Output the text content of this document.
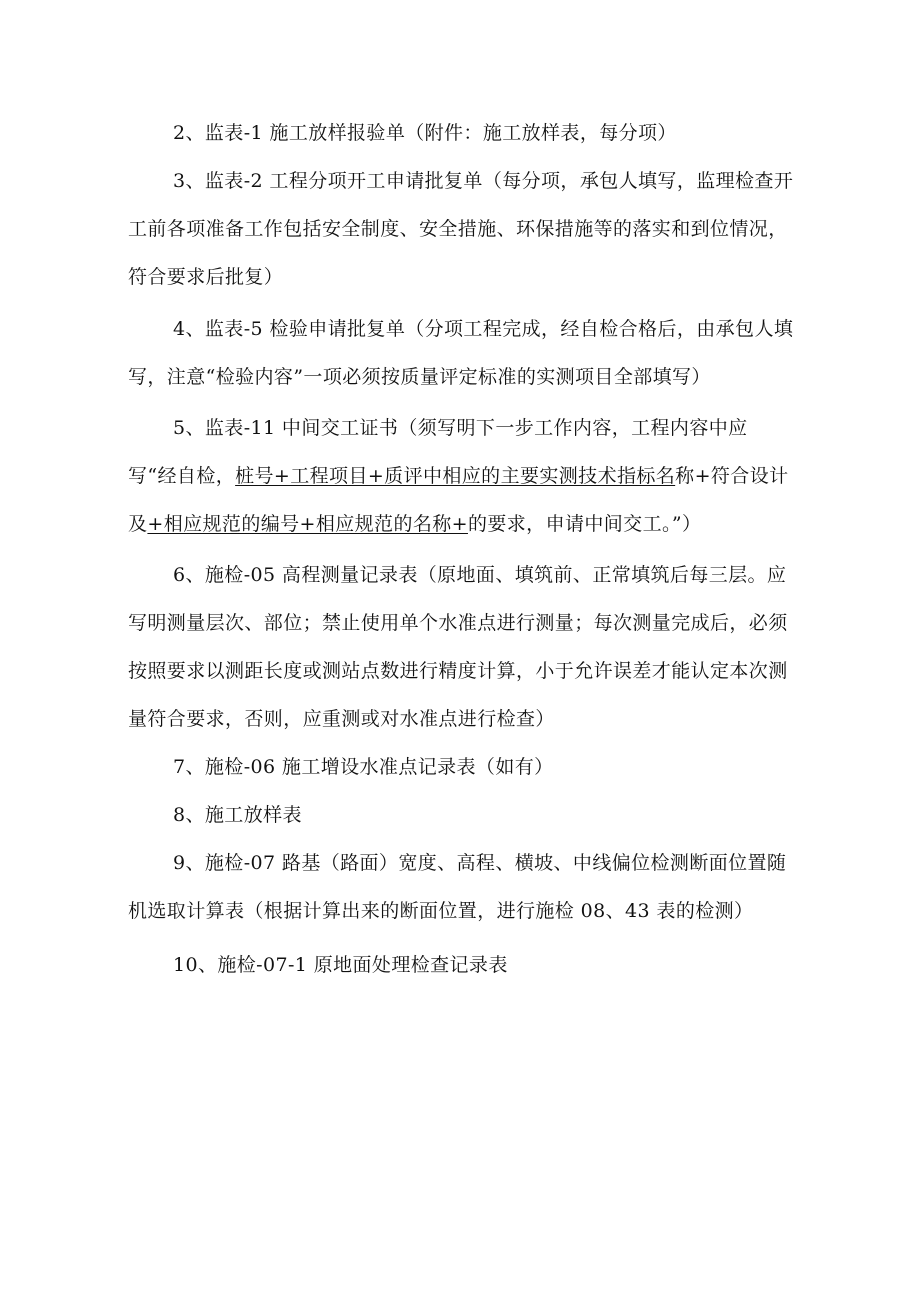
2、监表-1 施工放样报验单（附件：施工放样表，每分项）

3、监表-2 工程分项开工申请批复单（每分项，承包人填写，监理检查开工前各项准备工作包括安全制度、安全措施、环保措施等的落实和到位情况，符合要求后批复）

4、监表-5 检验申请批复单（分项工程完成，经自检合格后，由承包人填写，注意“检验内容”一项必须按质量评定标准的实测项目全部填写）

5、监表-11 中间交工证书（须写明下一步工作内容，工程内容中应写“经自检，桩号+工程项目+质评中相应的主要实测技术指标名称+符合设计及+相应规范的编号+相应规范的名称+的要求，申请中间交工。”）

6、施检-05 高程测量记录表（原地面、填筑前、正常填筑后每三层。应写明测量层次、部位；禁止使用单个水准点进行测量；每次测量完成后，必须按照要求以测距长度或测站点数进行精度计算，小于允许误差才能认定本次测量符合要求，否则，应重测或对水准点进行检查）

7、施检-06 施工增设水准点记录表（如有）

8、施工放样表

9、施检-07 路基（路面）宽度、高程、横坡、中线偏位检测断面位置随机选取计算表（根据计算出来的断面位置，进行施检 08、43 表的检测）

10、施检-07-1 原地面处理检查记录表
